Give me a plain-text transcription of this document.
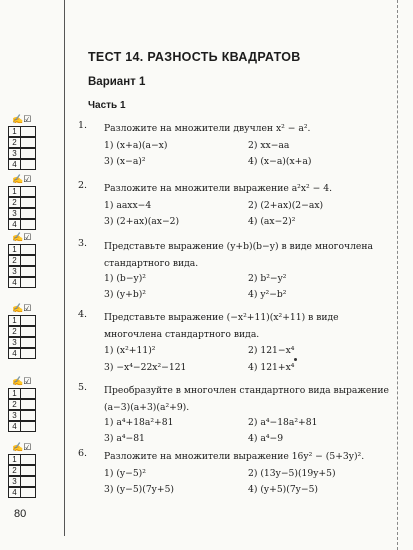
ТЕСТ 14. РАЗНОСТЬ КВАДРАТОВ
Вариант 1
Часть 1
✍☑
1
2
3
4
1. Разложите на множители двучлен x² − a².
1) (x+a)(a−x)	2) xx−aa
3) (x−a)²	4) (x−a)(x+a)
✍☑
1
2
3
4
2. Разложите на множители выражение a²x² − 4.
1) aaxx−4	2) (2+ax)(2−ax)
3) (2+ax)(ax−2)	4) (ax−2)²
✍☑
1
2
3
4
3. Представьте выражение (y+b)(b−y) в виде многочлена стандартного вида.
1) (b−y)²	2) b²−y²
3) (y+b)²	4) y²−b²
✍☑
1
2
3
4
4. Представьте выражение (−x²+11)(x²+11) в виде многочлена стандартного вида.
1) (x²+11)²	2) 121−x⁴
3) −x⁴−22x²−121	4) 121+x⁴
✍☑
1
2
3
4
5. Преобразуйте в многочлен стандартного вида выражение (a−3)(a+3)(a²+9).
1) a⁴+18a²+81	2) a⁴−18a²+81
3) a⁴−81	4) a⁴−9
✍☑
1
2
3
4
6. Разложите на множители выражение 16y² − (5+3y)².
1) (y−5)²	2) (13y−5)(19y+5)
3) (y−5)(7y+5)	4) (y+5)(7y−5)
80
